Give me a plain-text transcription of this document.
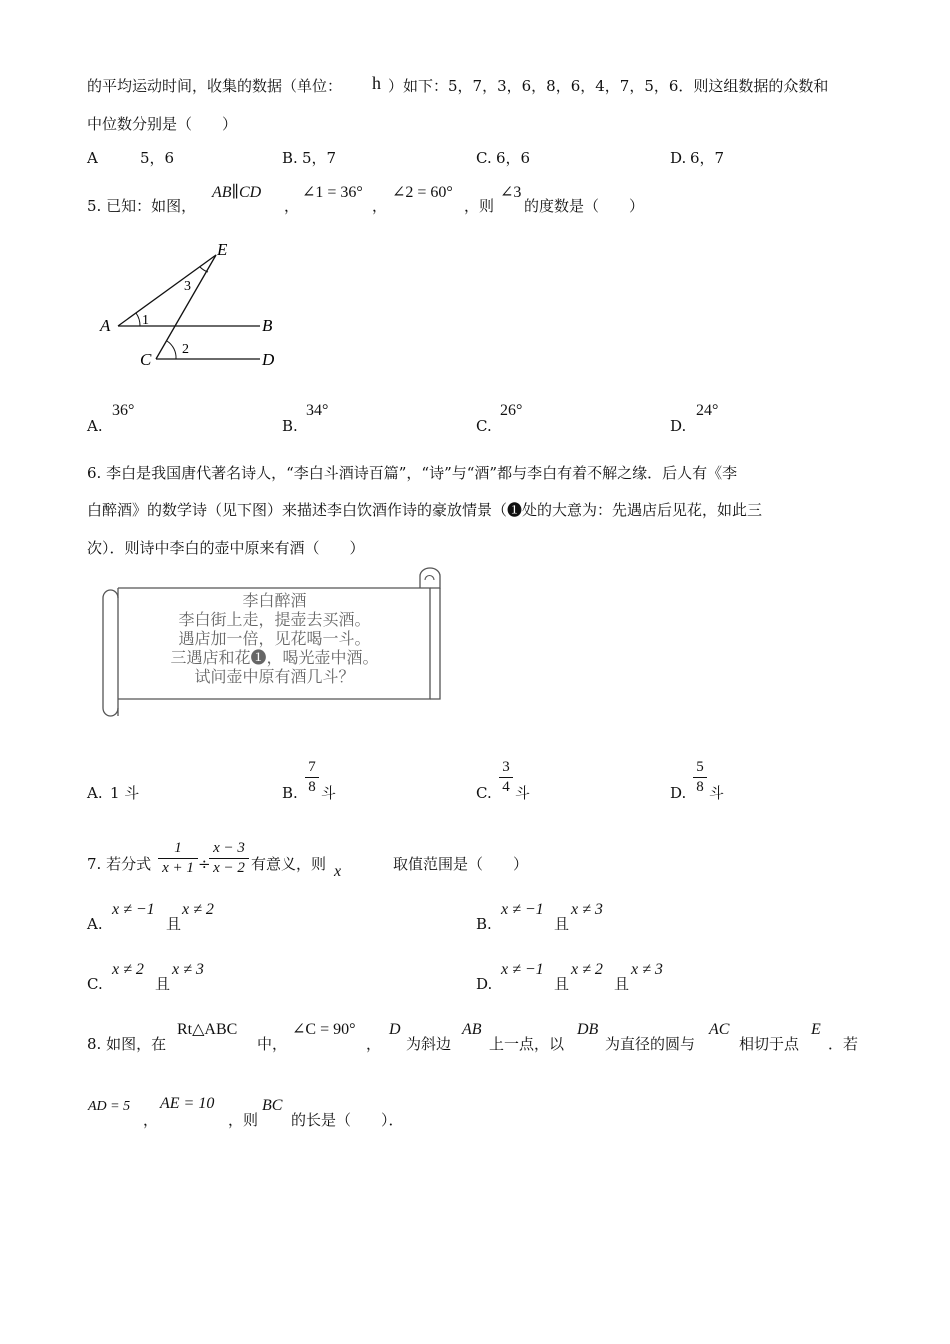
的平均运动时间，收集的数据（单位： h ）如下：5，7，3，6，8，6，4，7，5，6．则这组数据的众数和
中位数分别是（　　）
A	5，6	B. 5，7	C. 6，6	D. 6，7
5. 已知：如图，
AB∥CD
，
∠1 = 36°
，
∠2 = 60°
，则
∠3
的度数是（　　）
E
A	B
C	D
1
2
3
A.
36°
B.
34°
C.
26°
D.
24°
6. 李白是我国唐代著名诗人，“李白斗酒诗百篇”，“诗”与“酒”都与李白有着不解之缘．后人有《李
白醉酒》的数学诗（见下图）来描述李白饮酒作诗的豪放情景（❶处的大意为：先遇店后见花，如此三
次）．则诗中李白的壶中原来有酒（　　）
李白醉酒
李白街上走，提壶去买酒。
遇店加一倍，见花喝一斗。
三遇店和花❶，喝光壶中酒。
试问壶中原有酒几斗？
A. 1 斗	B.
7
8 斗	C.
3
4 斗	D.
5
8 斗
7. 若分式
1
x + 1 ÷
x − 3
x − 2 有意义，则 x	取值范围是（　　）
A.
x ≠ −1
且
x ≠ 2
B.
x ≠ −1
且
x ≠ 3
C.
x ≠ 2
且
x ≠ 3
D.
x ≠ −1
且
x ≠ 2
且
x ≠ 3
8. 如图，在
Rt△ABC
中，
∠C = 90°
，
D
为斜边
AB
上一点，以
DB
为直径的圆与
AC
相切于点
E
．若
AD = 5
，
AE = 10
，则
BC
的长是（　　）．
